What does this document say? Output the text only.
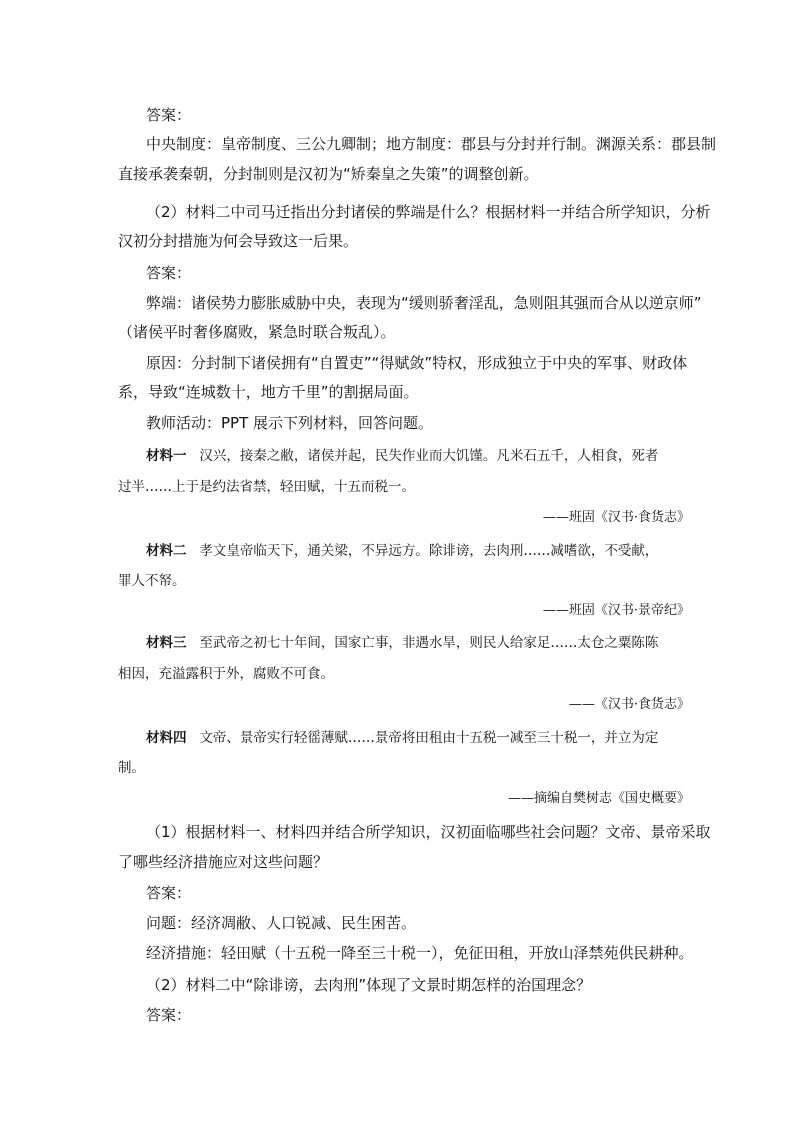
答案：
中央制度：皇帝制度、三公九卿制；地方制度：郡县与分封并行制。渊源关系：郡县制
直接承袭秦朝，分封制则是汉初为“矫秦皇之失策”的调整创新。
（2）材料二中司马迁指出分封诸侯的弊端是什么？根据材料一并结合所学知识，分析
汉初分封措施为何会导致这一后果。
答案：
弊端：诸侯势力膨胀威胁中央，表现为“缓则骄奢淫乱，急则阻其强而合从以逆京师”
（诸侯平时奢侈腐败，紧急时联合叛乱）。
原因：分封制下诸侯拥有“自置吏”“得赋敛”特权，形成独立于中央的军事、财政体
系，导致“连城数十，地方千里”的割据局面。
教师活动：PPT 展示下列材料，回答问题。
材料一 汉兴，接秦之敝，诸侯并起，民失作业而大饥馑。凡米石五千，人相食，死者
过半……上于是约法省禁，轻田赋，十五而税一。
——班固《汉书·食货志》
材料二 孝文皇帝临天下，通关梁，不异远方。除诽谤，去肉刑……减嗜欲，不受献，
罪人不帑。
——班固《汉书·景帝纪》
材料三 至武帝之初七十年间，国家亡事，非遇水旱，则民人给家足……太仓之粟陈陈
相因，充溢露积于外，腐败不可食。
——《汉书·食货志》
材料四 文帝、景帝实行轻徭薄赋……景帝将田租由十五税一减至三十税一，并立为定
制。
——摘编自樊树志《国史概要》
（1）根据材料一、材料四并结合所学知识，汉初面临哪些社会问题？文帝、景帝采取
了哪些经济措施应对这些问题？
答案：
问题：经济凋敝、人口锐减、民生困苦。
经济措施：轻田赋（十五税一降至三十税一），免征田租，开放山泽禁苑供民耕种。
（2）材料二中“除诽谤，去肉刑”体现了文景时期怎样的治国理念？
答案：
